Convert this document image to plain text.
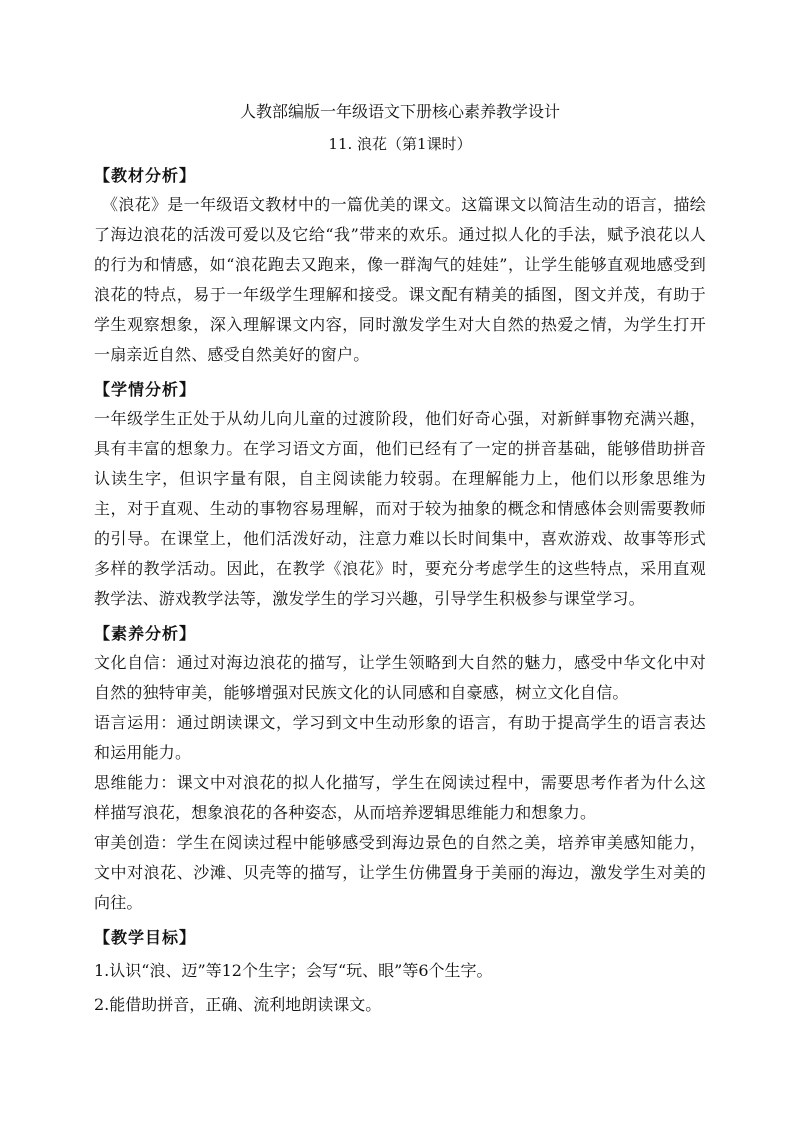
人教部编版一年级语文下册核心素养教学设计
11. 浪花（第1课时）
【教材分析】

《浪花》是一年级语文教材中的一篇优美的课文。这篇课文以简洁生动的语言，描绘了海边浪花的活泼可爱以及它给“我”带来的欢乐。通过拟人化的手法，赋予浪花以人的行为和情感，如“浪花跑去又跑来，像一群淘气的娃娃”，让学生能够直观地感受到浪花的特点，易于一年级学生理解和接受。课文配有精美的插图，图文并茂，有助于学生观察想象，深入理解课文内容，同时激发学生对大自然的热爱之情，为学生打开一扇亲近自然、感受自然美好的窗户。

【学情分析】

一年级学生正处于从幼儿向儿童的过渡阶段，他们好奇心强，对新鲜事物充满兴趣，具有丰富的想象力。在学习语文方面，他们已经有了一定的拼音基础，能够借助拼音认读生字，但识字量有限，自主阅读能力较弱。在理解能力上，他们以形象思维为主，对于直观、生动的事物容易理解，而对于较为抽象的概念和情感体会则需要教师的引导。在课堂上，他们活泼好动，注意力难以长时间集中，喜欢游戏、故事等形式多样的教学活动。因此，在教学《浪花》时，要充分考虑学生的这些特点，采用直观教学法、游戏教学法等，激发学生的学习兴趣，引导学生积极参与课堂学习。

【素养分析】

文化自信：通过对海边浪花的描写，让学生领略到大自然的魅力，感受中华文化中对自然的独特审美，能够增强对民族文化的认同感和自豪感，树立文化自信。

语言运用：通过朗读课文，学习到文中生动形象的语言，有助于提高学生的语言表达和运用能力。

思维能力：课文中对浪花的拟人化描写，学生在阅读过程中，需要思考作者为什么这样描写浪花，想象浪花的各种姿态，从而培养逻辑思维能力和想象力。

审美创造：学生在阅读过程中能够感受到海边景色的自然之美，培养审美感知能力，文中对浪花、沙滩、贝壳等的描写，让学生仿佛置身于美丽的海边，激发学生对美的向往。

【教学目标】
1.认识“浪、迈”等12个生字；会写“玩、眼”等6个生字。
2.能借助拼音，正确、流利地朗读课文。
